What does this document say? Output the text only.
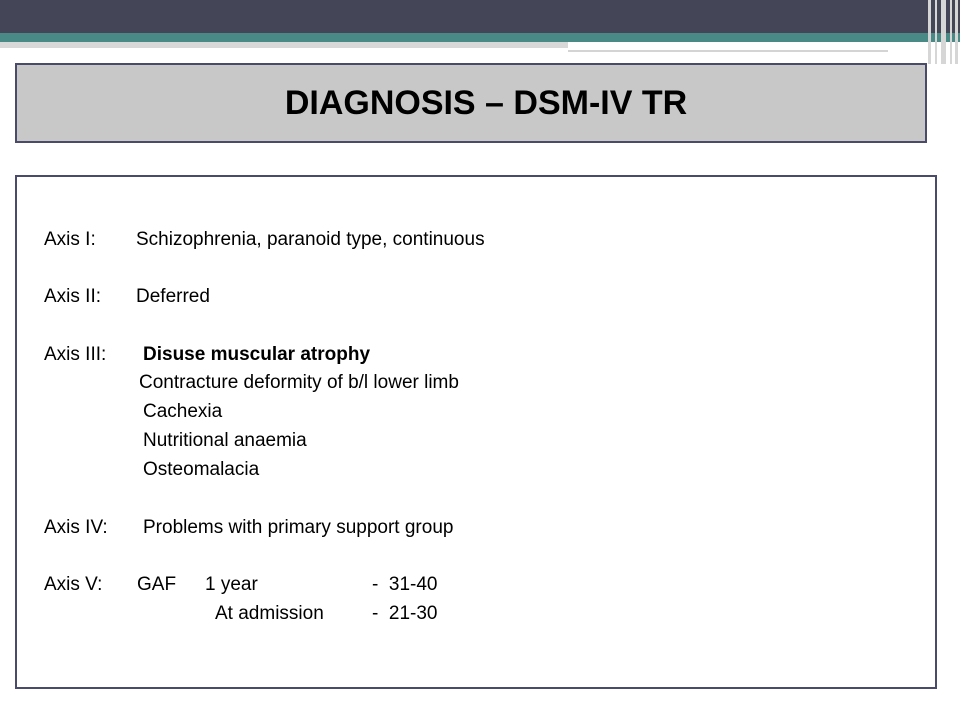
DIAGNOSIS – DSM-IV TR
Axis I: Schizophrenia, paranoid type, continuous
Axis II: Deferred
Axis III: Disuse muscular atrophy
Contracture deformity of b/l lower limb
Cachexia
Nutritional anaemia
Osteomalacia
Axis IV: Problems with primary support group
Axis V: GAF 1 year	-  31-40
At admission	-  21-30
